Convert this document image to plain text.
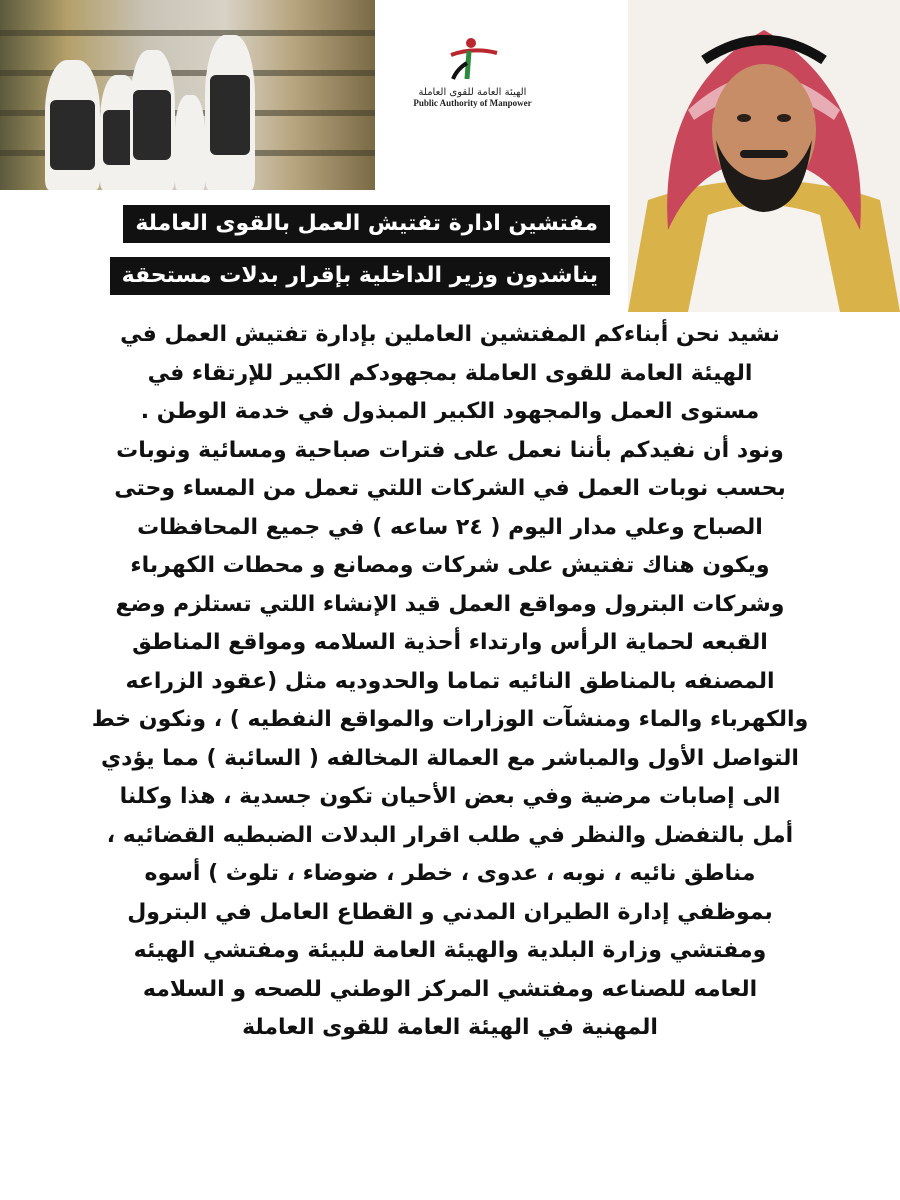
الهيئة العامة للقوى العاملة
Public Authority of Manpower
مفتشين ادارة تفتيش العمل بالقوى العاملة
يناشدون وزير الداخلية بإقرار بدلات مستحقة

نشيد نحن أبناءكم المفتشين العاملين بإدارة تفتيش العمل في

الهيئة العامة للقوى العاملة بمجهودكم الكبير للإرتقاء في

مستوى العمل والمجهود الكبير المبذول في خدمة الوطن .

ونود أن نفيدكم بأننا نعمل على فترات صباحية ومسائية ونوبات

بحسب نوبات العمل في الشركات اللتي تعمل من المساء وحتى

الصباح وعلي مدار اليوم ( ٢٤ ساعه ) في جميع المحافظات

ويكون هناك تفتيش على شركات ومصانع و محطات الكهرباء

وشركات البترول ومواقع العمل قيد الإنشاء اللتي تستلزم وضع

القبعه لحماية الرأس وارتداء أحذية السلامه ومواقع المناطق

المصنفه بالمناطق النائيه تماما والحدوديه مثل (عقود الزراعه

والكهرباء والماء ومنشآت الوزارات والمواقع النفطيه ) ، ونكون خط

التواصل الأول والمباشر مع العمالة المخالفه ( السائبة ) مما يؤدي

الى إصابات مرضية وفي بعض الأحيان تكون جسدية ، هذا وكلنا

أمل بالتفضل والنظر في طلب اقرار البدلات الضبطيه القضائيه ،

مناطق نائيه ، نوبه ، عدوى ، خطر ، ضوضاء ، تلوث ) أسوه

بموظفي إدارة الطيران المدني و القطاع العامل في البترول

ومفتشي وزارة البلدية والهيئة العامة للبيئة ومفتشي الهيئه

العامه للصناعه ومفتشي المركز الوطني للصحه و السلامه

المهنية في الهيئة العامة للقوى العاملة
